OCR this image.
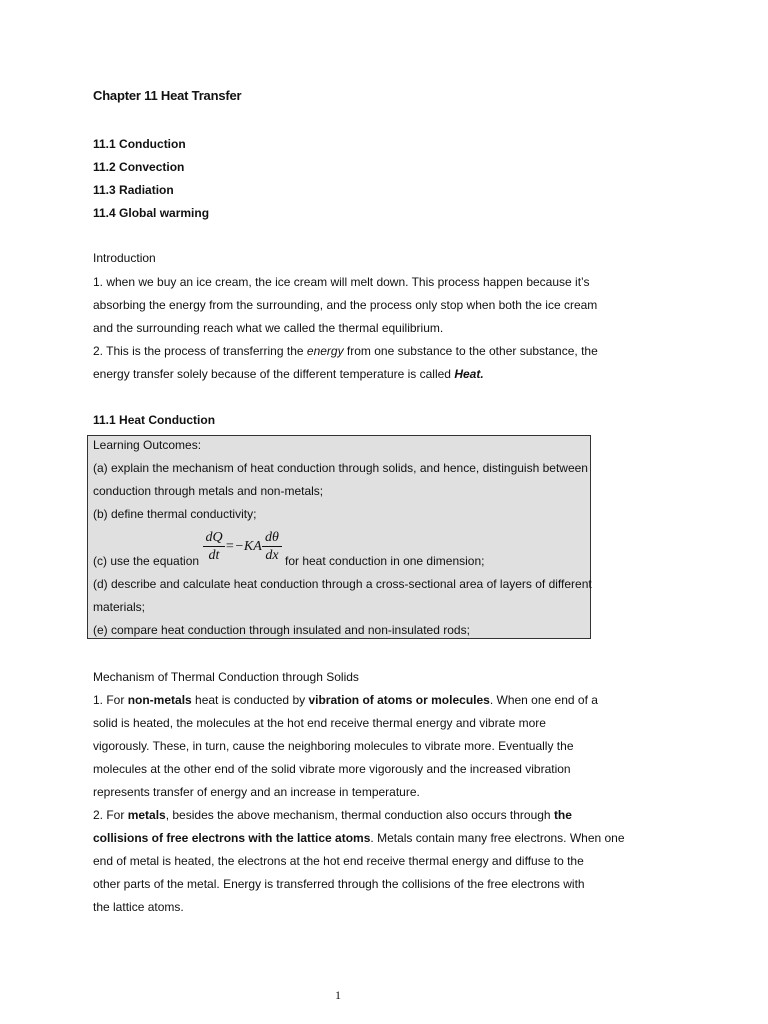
Chapter 11 Heat Transfer
11.1 Conduction
11.2 Convection
11.3 Radiation
11.4 Global warming
Introduction
1. when we buy an ice cream, the ice cream will melt down. This process happen because it’s
absorbing the energy from the surrounding, and the process only stop when both the ice cream
and the surrounding reach what we called the thermal equilibrium.
2. This is the process of transferring the energy from one substance to the other substance, the
energy transfer solely because of the different temperature is called Heat.
11.1 Heat Conduction
Learning Outcomes:
(a) explain the mechanism of heat conduction through solids, and hence, distinguish between
conduction through metals and non-metals;
(b) define thermal conductivity;
(c) use the equation
dQ
dt
=−KA
dθ
dx for heat conduction in one dimension;
(d) describe and calculate heat conduction through a cross-sectional area of layers of different
materials;
(e) compare heat conduction through insulated and non-insulated rods;
Mechanism of Thermal Conduction through Solids
1. For non-metals heat is conducted by vibration of atoms or molecules. When one end of a
solid is heated, the molecules at the hot end receive thermal energy and vibrate more
vigorously. These, in turn, cause the neighboring molecules to vibrate more. Eventually the
molecules at the other end of the solid vibrate more vigorously and the increased vibration
represents transfer of energy and an increase in temperature.
2. For metals, besides the above mechanism, thermal conduction also occurs through the
collisions of free electrons with the lattice atoms. Metals contain many free electrons. When one
end of metal is heated, the electrons at the hot end receive thermal energy and diffuse to the
other parts of the metal. Energy is transferred through the collisions of the free electrons with
the lattice atoms.
1
